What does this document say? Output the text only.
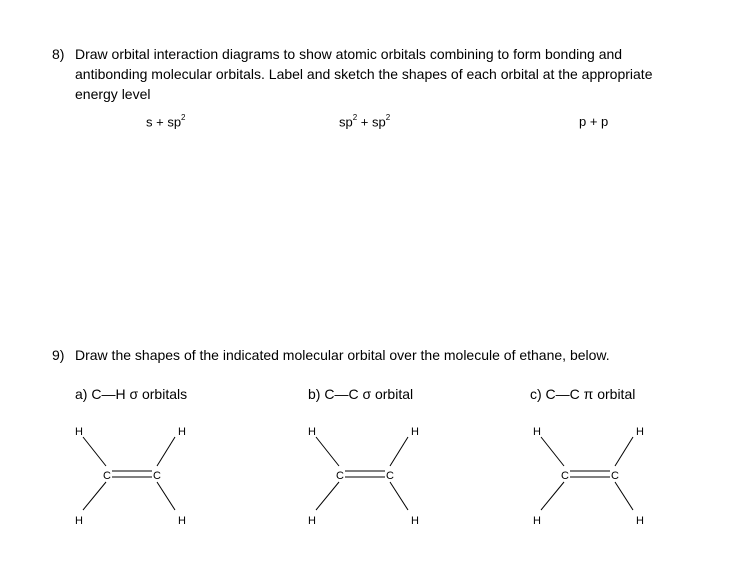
8) Draw orbital interaction diagrams to show atomic orbitals combining to form bonding and
antibonding molecular orbitals. Label and sketch the shapes of each orbital at the appropriate
energy level
$s + sp^2$	$sp^2 + sp^2$	p + p
9) Draw the shapes of the indicated molecular orbital over the molecule of ethane, below.
a) C—H σ orbitals	b) C—C σ orbital	c) C—C π orbital
H	H
C	C
H	H
H	H
C	C
H	H
H	H
C	C
H	H
